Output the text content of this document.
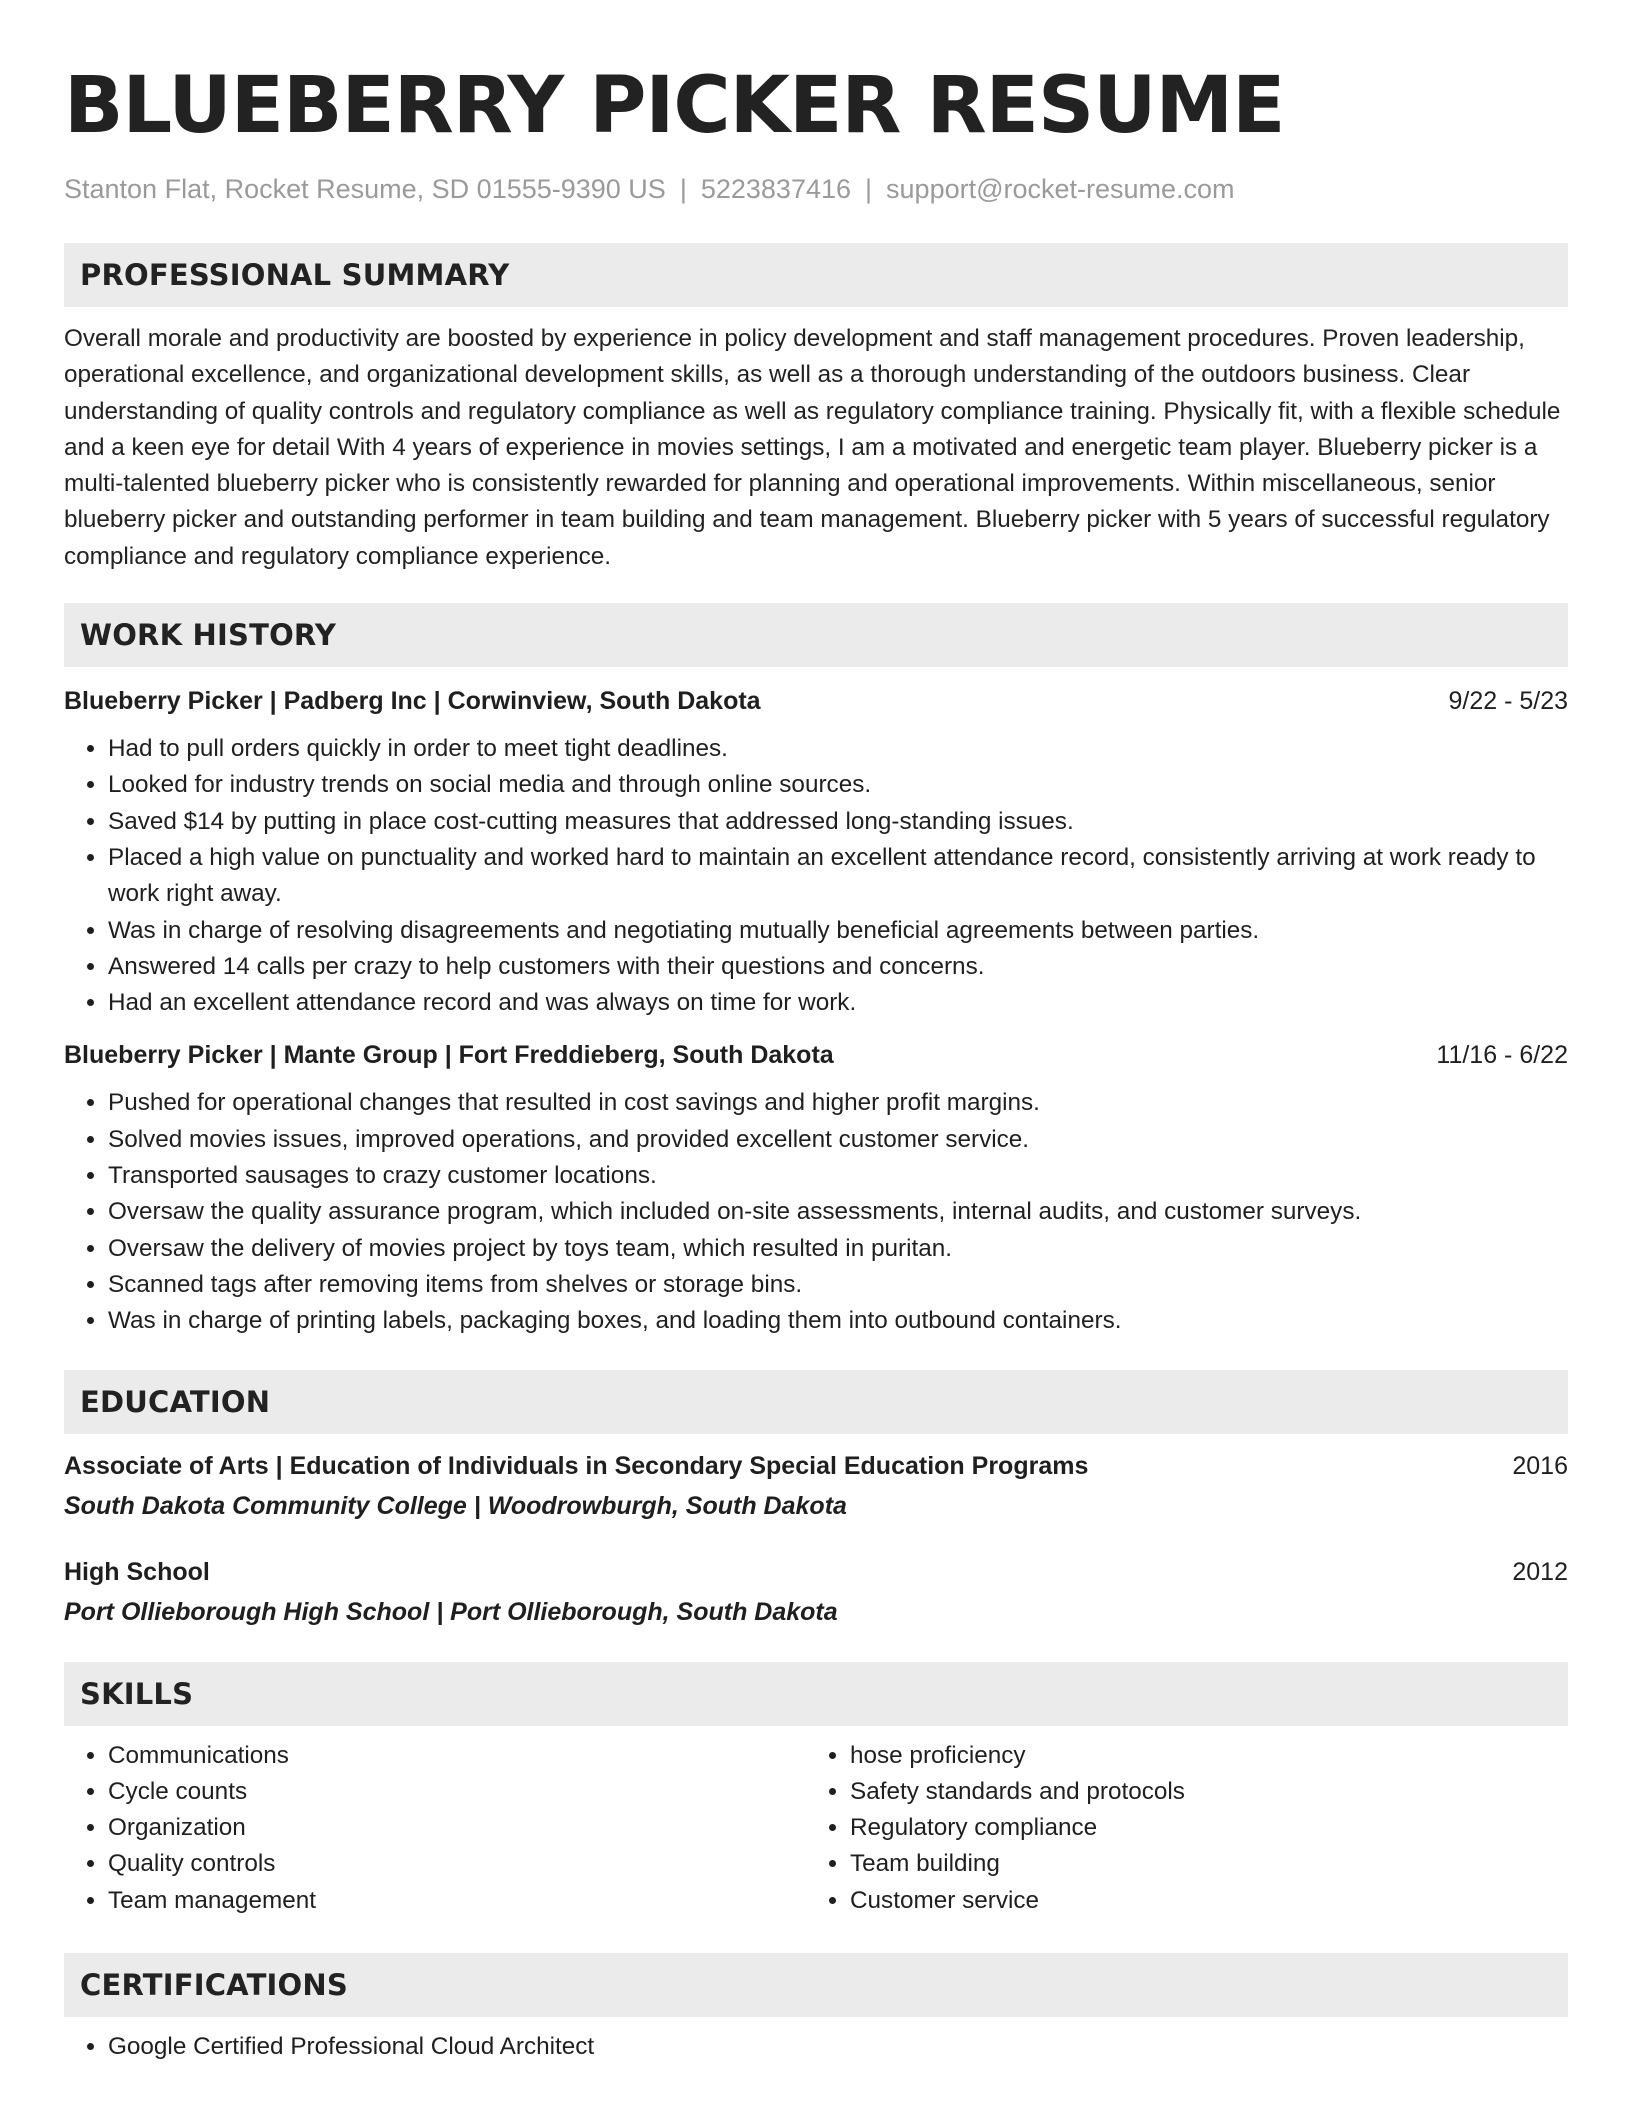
BLUEBERRY PICKER RESUME
Stanton Flat, Rocket Resume, SD 01555-9390 US | 5223837416 | support@rocket-resume.com
PROFESSIONAL SUMMARY
Overall morale and productivity are boosted by experience in policy development and staff management procedures. Proven leadership, operational excellence, and organizational development skills, as well as a thorough understanding of the outdoors business. Clear understanding of quality controls and regulatory compliance as well as regulatory compliance training. Physically fit, with a flexible schedule and a keen eye for detail With 4 years of experience in movies settings, I am a motivated and energetic team player. Blueberry picker is a multi-talented blueberry picker who is consistently rewarded for planning and operational improvements. Within miscellaneous, senior blueberry picker and outstanding performer in team building and team management. Blueberry picker with 5 years of successful regulatory compliance and regulatory compliance experience.
WORK HISTORY
Blueberry Picker | Padberg Inc | Corwinview, South Dakota	9/22 - 5/23
• Had to pull orders quickly in order to meet tight deadlines.
• Looked for industry trends on social media and through online sources.
• Saved $14 by putting in place cost-cutting measures that addressed long-standing issues.
• Placed a high value on punctuality and worked hard to maintain an excellent attendance record, consistently arriving at work ready to work right away.
• Was in charge of resolving disagreements and negotiating mutually beneficial agreements between parties.
• Answered 14 calls per crazy to help customers with their questions and concerns.
• Had an excellent attendance record and was always on time for work.
Blueberry Picker | Mante Group | Fort Freddieberg, South Dakota	11/16 - 6/22
• Pushed for operational changes that resulted in cost savings and higher profit margins.
• Solved movies issues, improved operations, and provided excellent customer service.
• Transported sausages to crazy customer locations.
• Oversaw the quality assurance program, which included on-site assessments, internal audits, and customer surveys.
• Oversaw the delivery of movies project by toys team, which resulted in puritan.
• Scanned tags after removing items from shelves or storage bins.
• Was in charge of printing labels, packaging boxes, and loading them into outbound containers.
EDUCATION
Associate of Arts | Education of Individuals in Secondary Special Education Programs	2016
South Dakota Community College | Woodrowburgh, South Dakota
High School	2012
Port Ollieborough High School | Port Ollieborough, South Dakota
SKILLS
• Communications
• Cycle counts
• Organization
• Quality controls
• Team management
• hose proficiency
• Safety standards and protocols
• Regulatory compliance
• Team building
• Customer service
CERTIFICATIONS
• Google Certified Professional Cloud Architect
